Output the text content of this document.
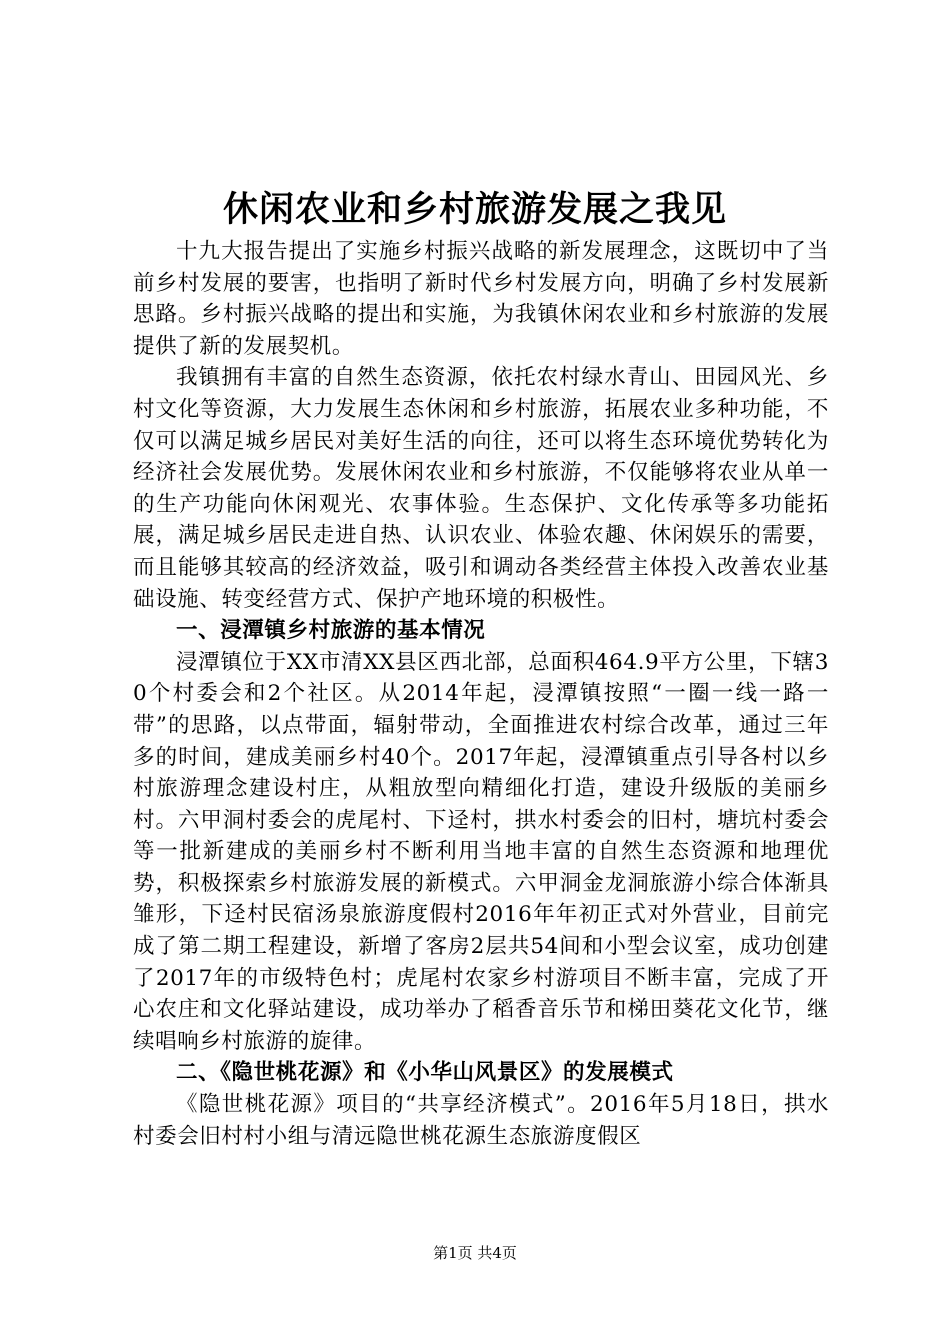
休闲农业和乡村旅游发展之我见

十九大报告提出了实施乡村振兴战略的新发展理念，这既切中了当前乡村发展的要害，也指明了新时代乡村发展方向，明确了乡村发展新思路。乡村振兴战略的提出和实施，为我镇休闲农业和乡村旅游的发展提供了新的发展契机。

我镇拥有丰富的自然生态资源，依托农村绿水青山、田园风光、乡村文化等资源，大力发展生态休闲和乡村旅游，拓展农业多种功能，不仅可以满足城乡居民对美好生活的向往，还可以将生态环境优势转化为经济社会发展优势。发展休闲农业和乡村旅游，不仅能够将农业从单一的生产功能向休闲观光、农事体验。生态保护、文化传承等多功能拓展，满足城乡居民走进自热、认识农业、体验农趣、休闲娱乐的需要，而且能够其较高的经济效益，吸引和调动各类经营主体投入改善农业基础设施、转变经营方式、保护产地环境的积极性。

一、浸潭镇乡村旅游的基本情况

浸潭镇位于XX市清XX县区西北部，总面积464.9平方公里，下辖30个村委会和2个社区。从2014年起，浸潭镇按照“一圈一线一路一带”的思路，以点带面，辐射带动，全面推进农村综合改革，通过三年多的时间，建成美丽乡村40个。2017年起，浸潭镇重点引导各村以乡村旅游理念建设村庄，从粗放型向精细化打造，建设升级版的美丽乡村。六甲洞村委会的虎尾村、下迳村，拱水村委会的旧村，塘坑村委会等一批新建成的美丽乡村不断利用当地丰富的自然生态资源和地理优势，积极探索乡村旅游发展的新模式。六甲洞金龙洞旅游小综合体渐具雏形，下迳村民宿汤泉旅游度假村2016年年初正式对外营业，目前完成了第二期工程建设，新增了客房2层共54间和小型会议室，成功创建了2017年的市级特色村；虎尾村农家乡村游项目不断丰富，完成了开心农庄和文化驿站建设，成功举办了稻香音乐节和梯田葵花文化节，继续唱响乡村旅游的旋律。

二、《隐世桃花源》和《小华山风景区》的发展模式

《隐世桃花源》项目的“共享经济模式”。2016年5月18日，拱水村委会旧村村小组与清远隐世桃花源生态旅游度假区

第1页 共4页
